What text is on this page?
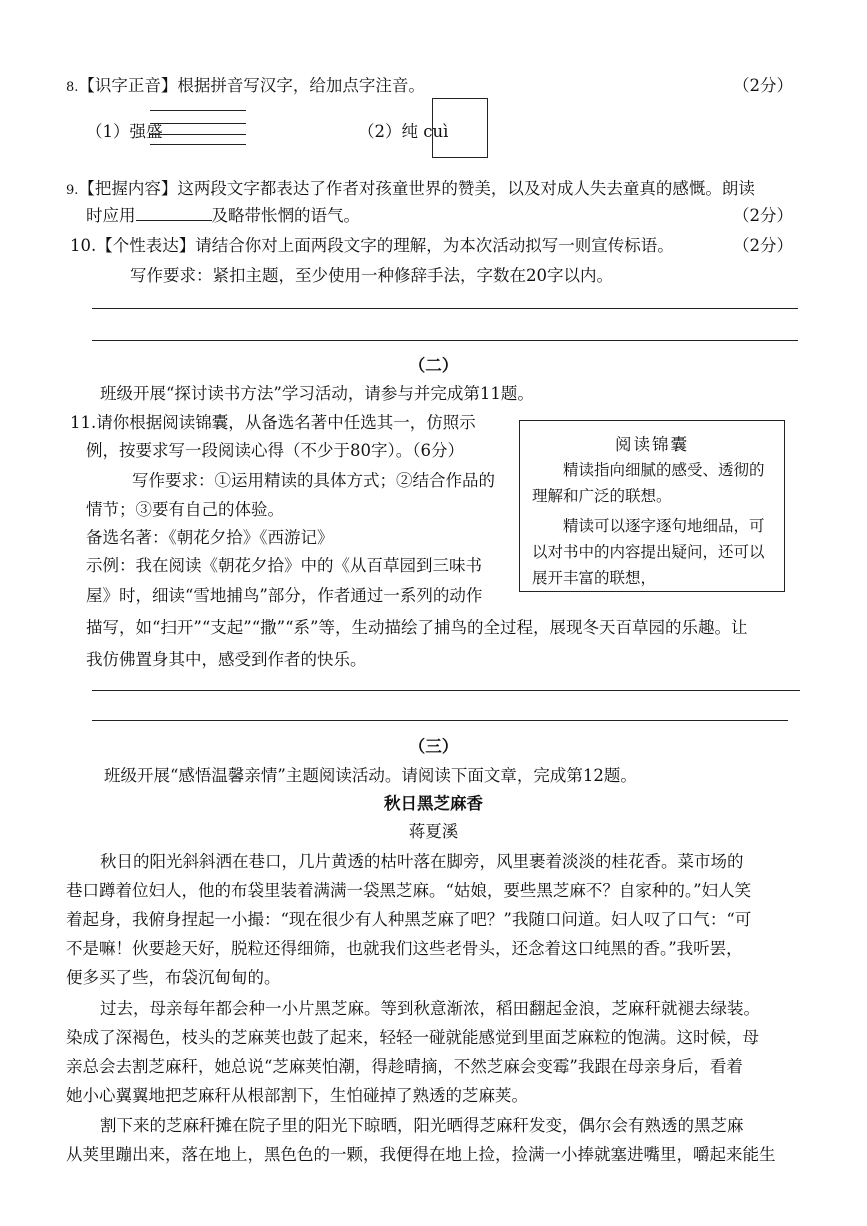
8.【识字正音】根据拼音写汉字，给加点字注音。	（2分）
（1）强盛	（2）纯 cuì
9.【把握内容】这两段文字都表达了作者对孩童世界的赞美，以及对成人失去童真的感慨。朗读
时应用	及略带怅惘的语气。	（2分）
10.【个性表达】请结合你对上面两段文字的理解，为本次活动拟写一则宣传标语。	（2分）
写作要求：紧扣主题，至少使用一种修辞手法，字数在20字以内。
（二）
班级开展“探讨读书方法”学习活动，请参与并完成第11题。
11.请你根据阅读锦囊，从备选名著中任选其一，仿照示
例，按要求写一段阅读心得（不少于80字）。（6分）
写作要求：①运用精读的具体方式；②结合作品的
情节；③要有自己的体验。
备选名著：《朝花夕拾》《西游记》
示例：我在阅读《朝花夕拾》中的《从百草园到三味书
屋》时，细读“雪地捕鸟”部分，作者通过一系列的动作
描写，如“扫开”“支起”“撒”“系”等，生动描绘了捕鸟的全过程，展现冬天百草园的乐趣。让
我仿佛置身其中，感受到作者的快乐。
阅读锦囊

精读指向细腻的感受、透彻的理解和广泛的联想。

精读可以逐字逐句地细品，可以对书中的内容提出疑问，还可以展开丰富的联想，

（三）
班级开展“感悟温馨亲情”主题阅读活动。请阅读下面文章，完成第12题。
秋日黑芝麻香
蒋夏溪
秋日的阳光斜斜洒在巷口，几片黄透的枯叶落在脚旁，风里裹着淡淡的桂花香。菜市场的
巷口蹲着位妇人，他的布袋里装着满满一袋黑芝麻。“姑娘，要些黑芝麻不？自家种的。”妇人笑
着起身，我俯身捏起一小撮：“现在很少有人种黑芝麻了吧？”我随口问道。妇人叹了口气：“可
不是嘛！伙要趁天好，脱粒还得细筛，也就我们这些老骨头，还念着这口纯黑的香。”我听罢，
便多买了些，布袋沉甸甸的。
过去，母亲每年都会种一小片黑芝麻。等到秋意渐浓，稻田翻起金浪，芝麻秆就褪去绿装。
染成了深褐色，枝头的芝麻荚也鼓了起来，轻轻一碰就能感觉到里面芝麻粒的饱满。这时候，母
亲总会去割芝麻秆，她总说“芝麻荚怕潮，得趁晴摘，不然芝麻会变霉”我跟在母亲身后，看着
她小心翼翼地把芝麻秆从根部割下，生怕碰掉了熟透的芝麻荚。
割下来的芝麻秆摊在院子里的阳光下晾晒，阳光晒得芝麻秆发变，偶尔会有熟透的黑芝麻
从荚里蹦出来，落在地上，黑色色的一颗，我便得在地上捡，捡满一小捧就塞进嘴里，嚼起来能生
